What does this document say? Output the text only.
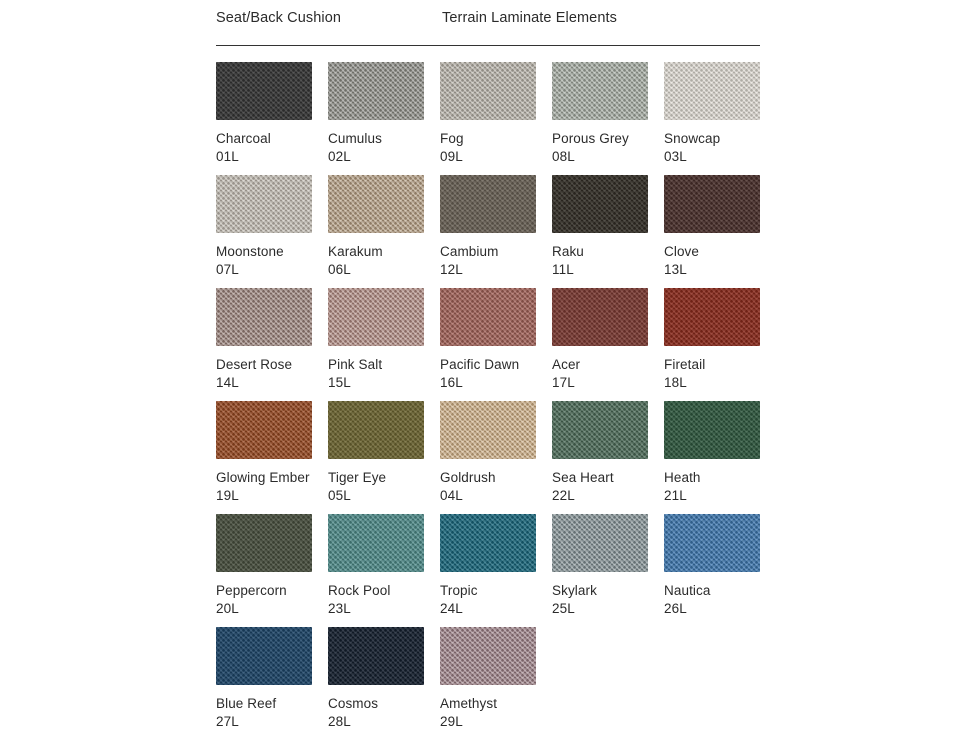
Seat/Back Cushion	Terrain Laminate Elements
Charcoal
01L
Cumulus
02L
Fog
09L
Porous Grey
08L
Snowcap
03L
Moonstone
07L
Karakum
06L
Cambium
12L
Raku
11L
Clove
13L
Desert Rose
14L
Pink Salt
15L
Pacific Dawn
16L
Acer
17L
Firetail
18L
Glowing Ember
19L
Tiger Eye
05L
Goldrush
04L
Sea Heart
22L
Heath
21L
Peppercorn
20L
Rock Pool
23L
Tropic
24L
Skylark
25L
Nautica
26L
Blue Reef
27L
Cosmos
28L
Amethyst
29L
